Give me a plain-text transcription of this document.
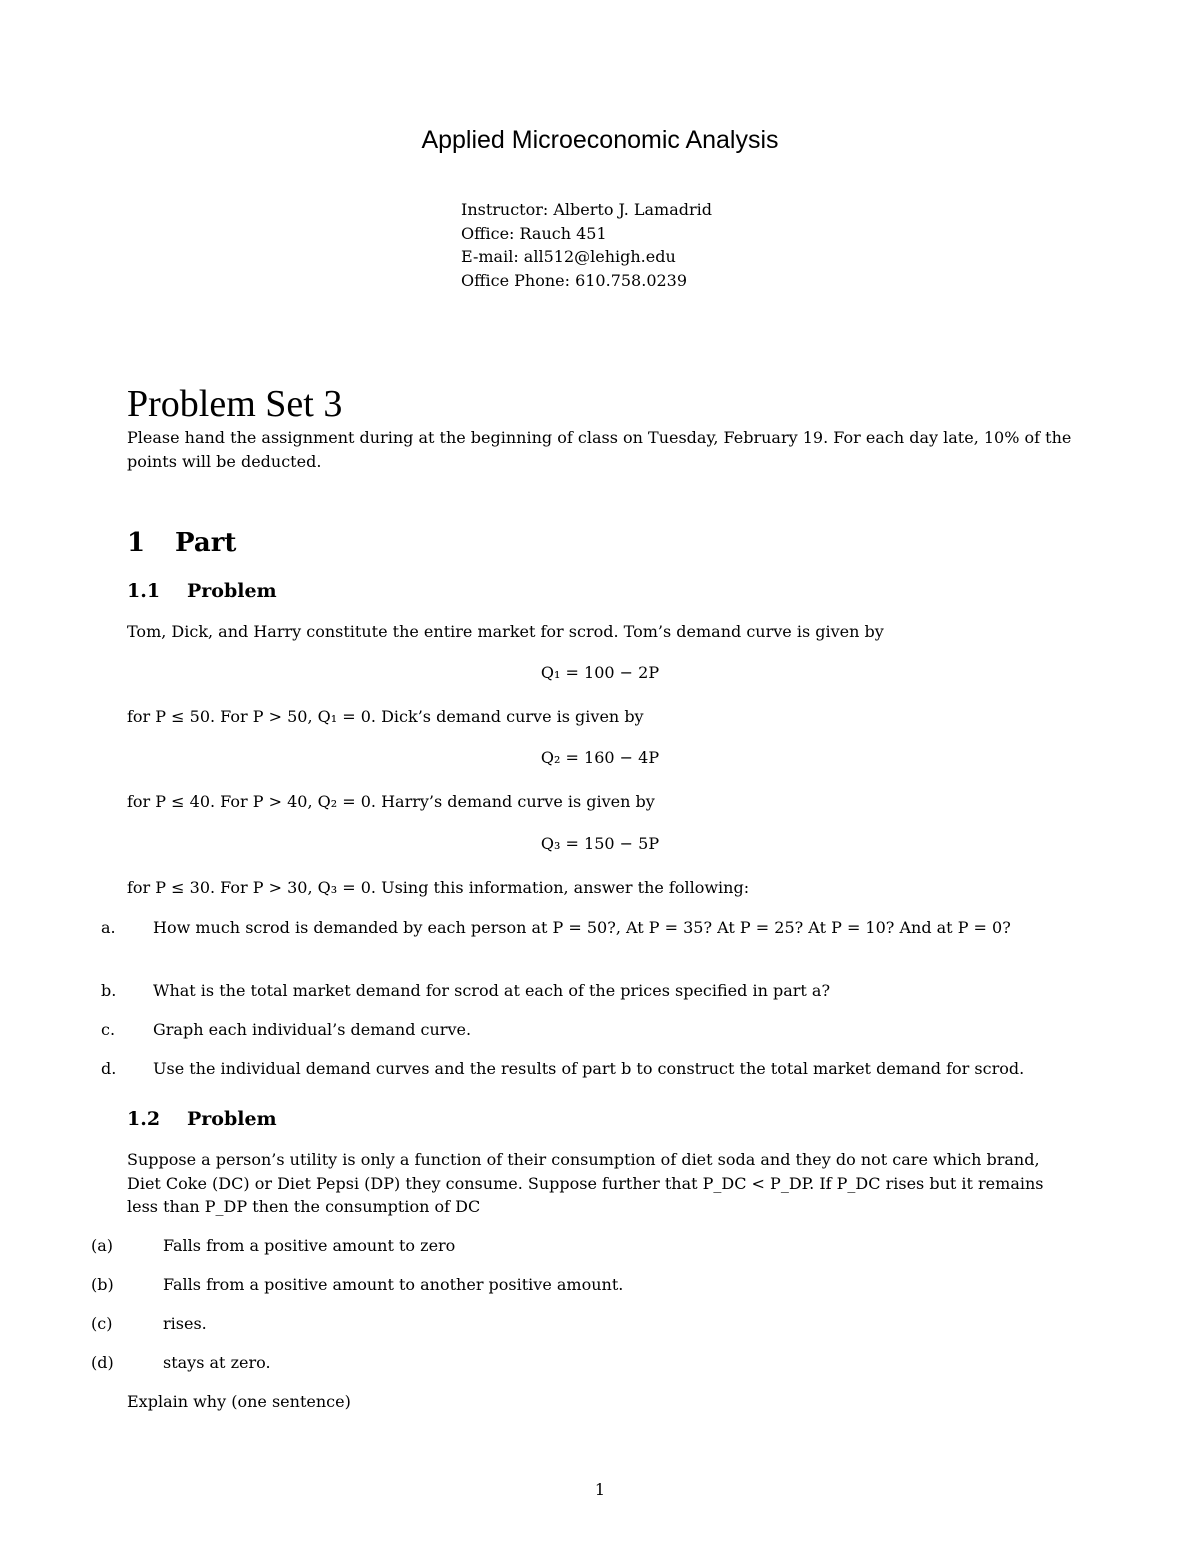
Applied Microeconomic Analysis
Instructor: Alberto J. Lamadrid
Office: Rauch 451
E-mail: all512@lehigh.edu
Office Phone: 610.758.0239
Problem Set 3
Please hand the assignment during at the beginning of class on Tuesday, February 19. For each day late, 10% of the points will be deducted.
1 Part
1.1 Problem
Tom, Dick, and Harry constitute the entire market for scrod. Tom’s demand curve is given by
Q₁ = 100 − 2P
for P ≤ 50. For P > 50, Q₁ = 0. Dick’s demand curve is given by
Q₂ = 160 − 4P
for P ≤ 40. For P > 40, Q₂ = 0. Harry’s demand curve is given by
Q₃ = 150 − 5P
for P ≤ 30. For P > 30, Q₃ = 0. Using this information, answer the following:
a. How much scrod is demanded by each person at P = 50?, At P = 35? At P = 25? At P = 10? And at P = 0?
b. What is the total market demand for scrod at each of the prices specified in part a?
c. Graph each individual’s demand curve.
d. Use the individual demand curves and the results of part b to construct the total market demand for scrod.
1.2 Problem
Suppose a person’s utility is only a function of their consumption of diet soda and they do not care which brand, Diet Coke (DC) or Diet Pepsi (DP) they consume. Suppose further that P_DC < P_DP. If P_DC rises but it remains less than P_DP then the consumption of DC
(a)	Falls from a positive amount to zero
(b)	Falls from a positive amount to another positive amount.
(c)	rises.
(d)	stays at zero.
Explain why (one sentence)
1
